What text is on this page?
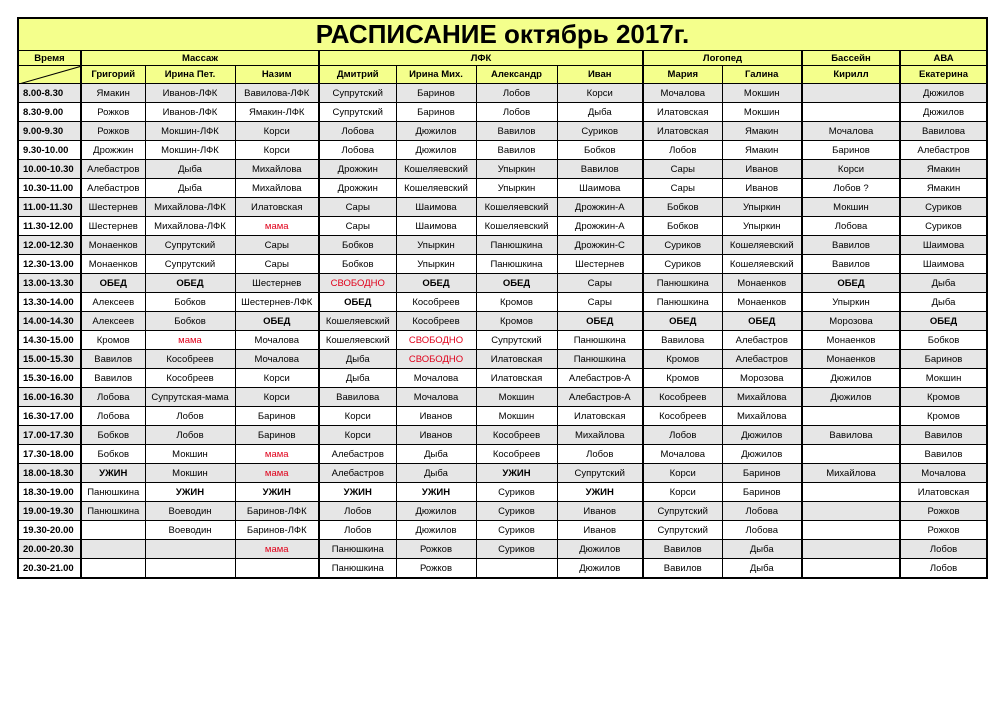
РАСПИСАНИЕ октябрь 2017г.											
Время	Массаж			ЛФК				Логопед		Бассейн	АВА

	Григорий	Ирина Пет.	Назим	Дмитрий	Ирина Мих.	Александр	Иван	Мария	Галина	Кирилл	Екатерина
8.00-8.30	Ямакин	Иванов-ЛФК	Вавилова-ЛФК	Супрутский	Баринов	Лобов	Корси	Мочалова	Мокшин		Дюжилов
8.30-9.00	Рожков	Иванов-ЛФК	Ямакин-ЛФК	Супрутский	Баринов	Лобов	Дыба	Илатовская	Мокшин		Дюжилов
9.00-9.30	Рожков	Мокшин-ЛФК	Корси	Лобова	Дюжилов	Вавилов	Суриков	Илатовская	Ямакин	Мочалова	Вавилова
9.30-10.00	Дрожжин	Мокшин-ЛФК	Корси	Лобова	Дюжилов	Вавилов	Бобков	Лобов	Ямакин	Баринов	Алебастров
10.00-10.30	Алебастров	Дыба	Михайлова	Дрожжин	Кошеляевский	Упыркин	Вавилов	Сары	Иванов	Корси	Ямакин
10.30-11.00	Алебастров	Дыба	Михайлова	Дрожжин	Кошеляевский	Упыркин	Шаимова	Сары	Иванов	Лобов ?	Ямакин
11.00-11.30	Шестернев	Михайлова-ЛФК	Илатовская	Сары	Шаимова	Кошеляевский	Дрожжин-А	Бобков	Упыркин	Мокшин	Суриков
11.30-12.00	Шестернев	Михайлова-ЛФК	мама	Сары	Шаимова	Кошеляевский	Дрожжин-А	Бобков	Упыркин	Лобова	Суриков
12.00-12.30	Монаенков	Супрутский	Сары	Бобков	Упыркин	Панюшкина	Дрожжин-С	Суриков	Кошеляевский	Вавилов	Шаимова
12.30-13.00	Монаенков	Супрутский	Сары	Бобков	Упыркин	Панюшкина	Шестернев	Суриков	Кошеляевский	Вавилов	Шаимова
13.00-13.30	ОБЕД	ОБЕД	Шестернев	СВОБОДНО	ОБЕД	ОБЕД	Сары	Панюшкина	Монаенков	ОБЕД	Дыба
13.30-14.00	Алексеев	Бобков	Шестернев-ЛФК	ОБЕД	Кособреев	Кромов	Сары	Панюшкина	Монаенков	Упыркин	Дыба
14.00-14.30	Алексеев	Бобков	ОБЕД	Кошеляевский	Кособреев	Кромов	ОБЕД	ОБЕД	ОБЕД	Морозова	ОБЕД
14.30-15.00	Кромов	мама	Мочалова	Кошеляевский	СВОБОДНО	Супрутский	Панюшкина	Вавилова	Алебастров	Монаенков	Бобков
15.00-15.30	Вавилов	Кособреев	Мочалова	Дыба	СВОБОДНО	Илатовская	Панюшкина	Кромов	Алебастров	Монаенков	Баринов
15.30-16.00	Вавилов	Кособреев	Корси	Дыба	Мочалова	Илатовская	Алебастров-А	Кромов	Морозова	Дюжилов	Мокшин
16.00-16.30	Лобова	Супрутская-мама	Корси	Вавилова	Мочалова	Мокшин	Алебастров-А	Кособреев	Михайлова	Дюжилов	Кромов
16.30-17.00	Лобова	Лобов	Баринов	Корси	Иванов	Мокшин	Илатовская	Кособреев	Михайлова		Кромов
17.00-17.30	Бобков	Лобов	Баринов	Корси	Иванов	Кособреев	Михайлова	Лобов	Дюжилов	Вавилова	Вавилов
17.30-18.00	Бобков	Мокшин	мама	Алебастров	Дыба	Кособреев	Лобов	Мочалова	Дюжилов		Вавилов
18.00-18.30	УЖИН	Мокшин	мама	Алебастров	Дыба	УЖИН	Супрутский	Корси	Баринов	Михайлова	Мочалова
18.30-19.00	Панюшкина	УЖИН	УЖИН	УЖИН	УЖИН	Суриков	УЖИН	Корси	Баринов		Илатовская
19.00-19.30	Панюшкина	Воеводин	Баринов-ЛФК	Лобов	Дюжилов	Суриков	Иванов	Супрутский	Лобова		Рожков
19.30-20.00		Воеводин	Баринов-ЛФК	Лобов	Дюжилов	Суриков	Иванов	Супрутский	Лобова		Рожков
20.00-20.30			мама	Панюшкина	Рожков	Суриков	Дюжилов	Вавилов	Дыба		Лобов
20.30-21.00				Панюшкина	Рожков		Дюжилов	Вавилов	Дыба		Лобов
